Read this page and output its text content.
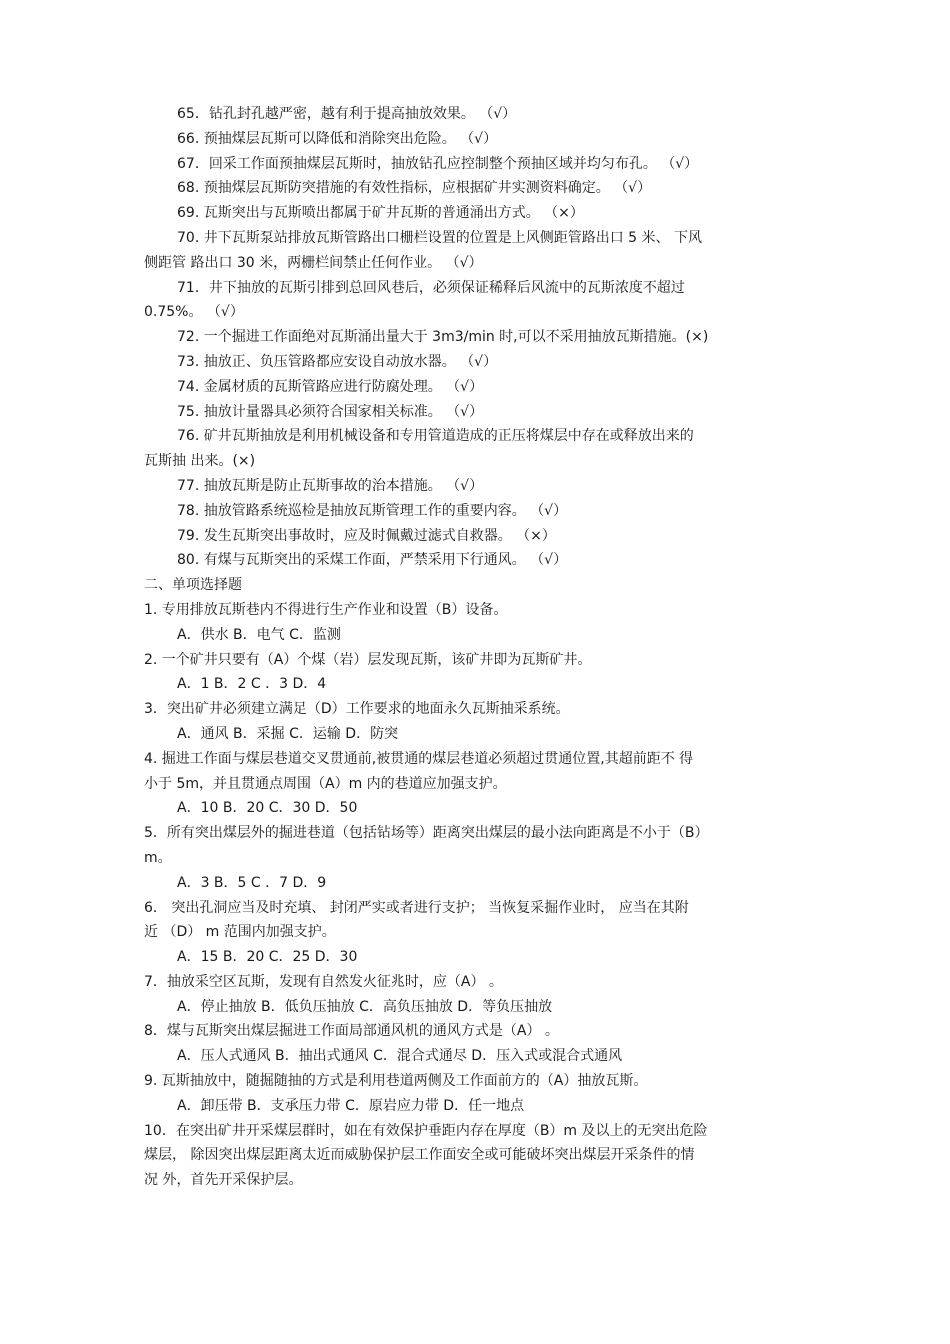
65．钻孔封孔越严密，越有利于提高抽放效果。 （√）
66. 预抽煤层瓦斯可以降低和消除突出危险。 （√）
67．回采工作面预抽煤层瓦斯时，抽放钻孔应控制整个预抽区域并均匀布孔。 （√）
68. 预抽煤层瓦斯防突措施的有效性指标，应根据矿井实测资料确定。 （√）
69. 瓦斯突出与瓦斯喷出都属于矿井瓦斯的普通涌出方式。 （×）
70. 井下瓦斯泵站排放瓦斯管路出口栅栏设置的位置是上风侧距管路出口 5 米、 下风
侧距管 路出口 30 米，两栅栏间禁止任何作业。 （√）
71．井下抽放的瓦斯引排到总回风巷后，必须保证稀释后风流中的瓦斯浓度不超过
0.75%。 （√）
72. 一个掘进工作面绝对瓦斯涌出量大于 3m3/min 时,可以不采用抽放瓦斯措施。(×)
73. 抽放正、负压管路都应安设自动放水器。 （√）
74. 金属材质的瓦斯管路应进行防腐处理。 （√）
75. 抽放计量器具必须符合国家相关标准。 （√）
76. 矿井瓦斯抽放是利用机械设备和专用管道造成的正压将煤层中存在或释放出来的
瓦斯抽 出来。(×)
77. 抽放瓦斯是防止瓦斯事故的治本措施。 （√）
78. 抽放管路系统巡检是抽放瓦斯管理工作的重要内容。 （√）
79. 发生瓦斯突出事故时，应及时佩戴过滤式自救器。 （×）
80. 有煤与瓦斯突出的采煤工作面，严禁采用下行通风。 （√）
二、单项选择题
1. 专用排放瓦斯巷内不得进行生产作业和设置（B）设备。
A．供水 B．电气 C．监测
2. 一个矿井只要有（A）个煤（岩）层发现瓦斯，该矿井即为瓦斯矿井。
A．1 B．2 C ．3 D．4
3．突出矿井必须建立满足（D）工作要求的地面永久瓦斯抽采系统。
A．通风 B．采掘 C．运输 D．防突
4. 掘进工作面与煤层巷道交叉贯通前,被贯通的煤层巷道必须超过贯通位置,其超前距不 得
小于 5m，并且贯通点周围（A）m 内的巷道应加强支护。
A．10 B．20 C．30 D．50
5．所有突出煤层外的掘进巷道（包括钻场等）距离突出煤层的最小法向距离是不小于（B）
m。
A．3 B．5 C ．7 D．9
6． 突出孔洞应当及时充填、 封闭严实或者进行支护； 当恢复采掘作业时， 应当在其附
近 （D） m 范围内加强支护。
A．15 B．20 C．25 D．30
7．抽放采空区瓦斯，发现有自然发火征兆时，应（A） 。
A．停止抽放 B．低负压抽放 C．高负压抽放 D．等负压抽放
8．煤与瓦斯突出煤层掘进工作面局部通风机的通风方式是（A） 。
A．压人式通风 B．抽出式通风 C．混合式通尽 D．压入式或混合式通风
9. 瓦斯抽放中，随掘随抽的方式是利用巷道两侧及工作面前方的（A）抽放瓦斯。
A．卸压带 B．支承压力带 C．原岩应力带 D．任一地点
10．在突出矿井开采煤层群时，如在有效保护垂距内存在厚度（B）m 及以上的无突出危险
煤层， 除因突出煤层距离太近而威胁保护层工作面安全或可能破坏突出煤层开采条件的情
况 外，首先开采保护层。
